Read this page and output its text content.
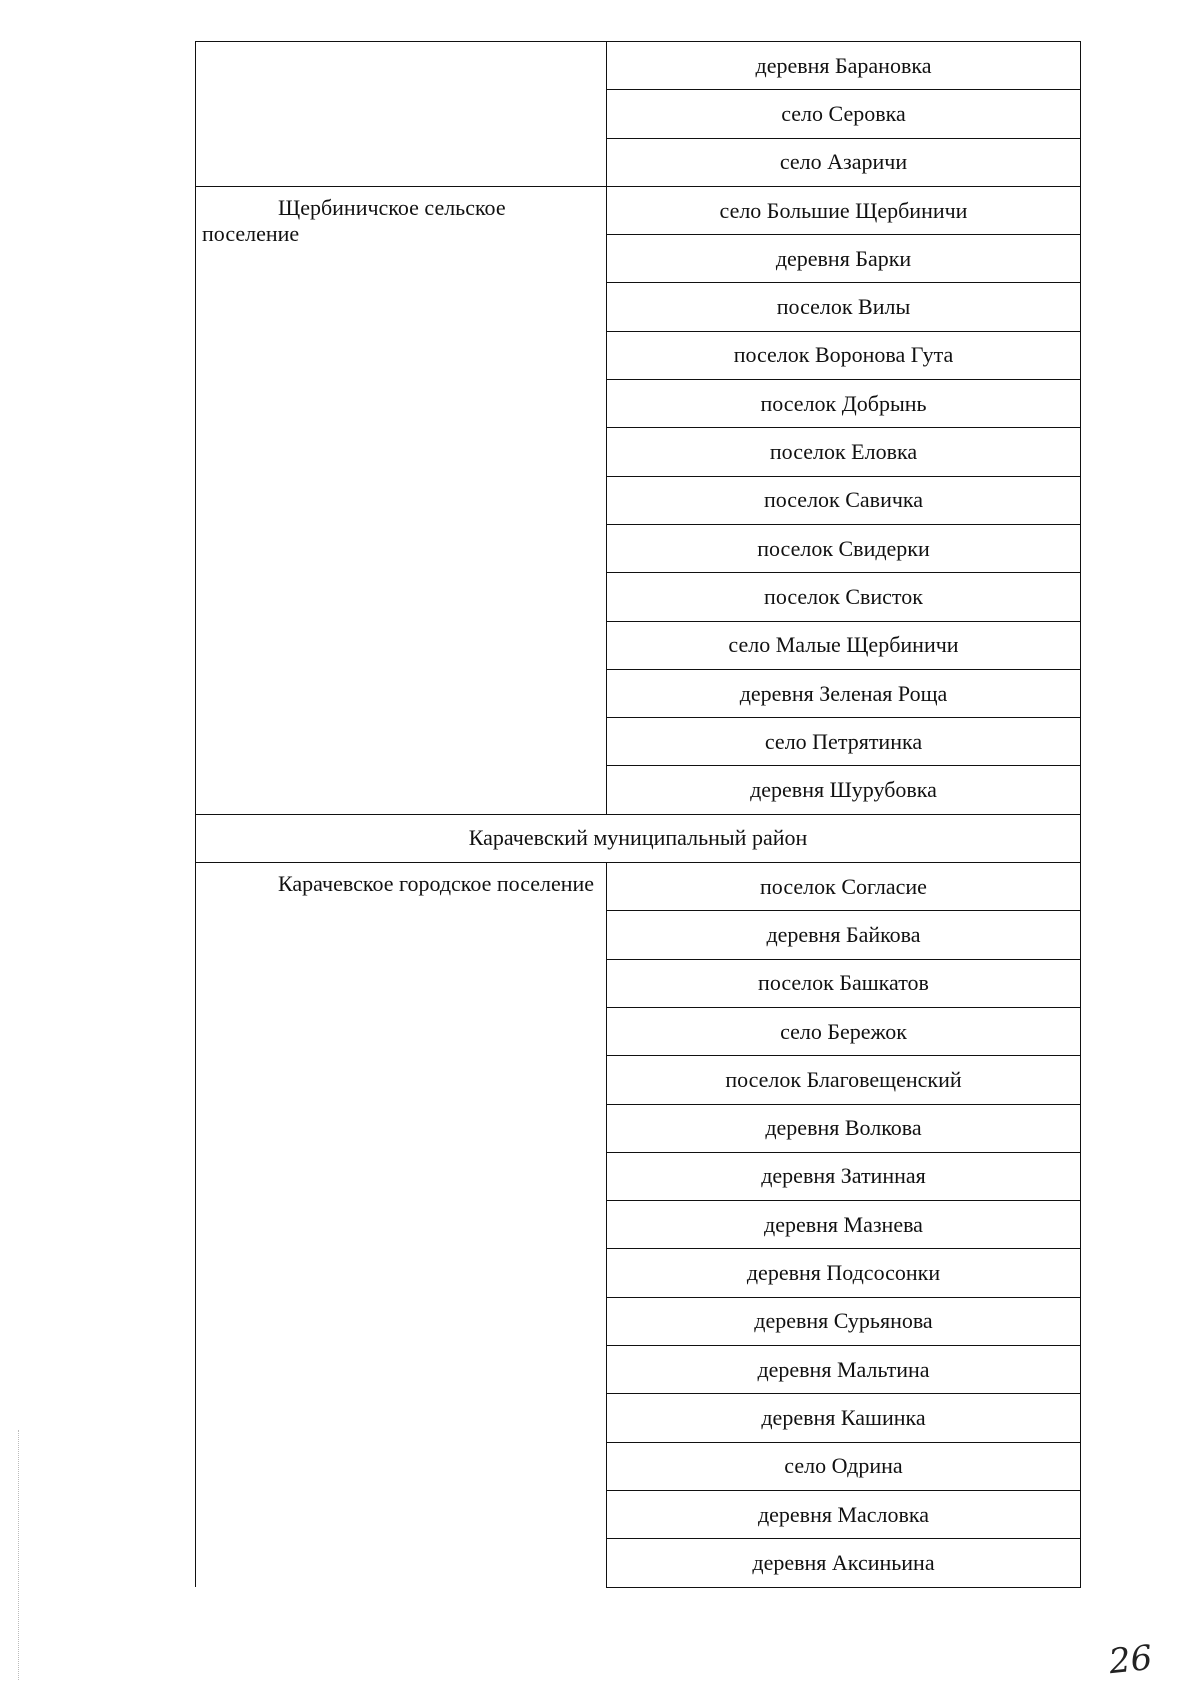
	деревня Барановка
	село Серовка
	село Азаричи

Щербиничское сельское поселение	село Большие Щербиничи
	деревня Барки
	поселок Вилы
	поселок Воронова Гута
	поселок Добрынь
	поселок Еловка
	поселок Савичка
	поселок Свидерки
	поселок Свисток
	село Малые Щербиничи
	деревня Зеленая Роща
	село Петрятинка
	деревня Шурубовка
Карачевский муниципальный район	

Карачевское городское поселение	поселок Согласие
	деревня Байкова
	поселок Башкатов
	село Бережок
	поселок Благовещенский
	деревня Волкова
	деревня Затинная
	деревня Мазнева
	деревня Подсосонки
	деревня Сурьянова
	деревня Мальтина
	деревня Кашинка
	село Одрина
	деревня Масловка
	деревня Аксиньина
26
